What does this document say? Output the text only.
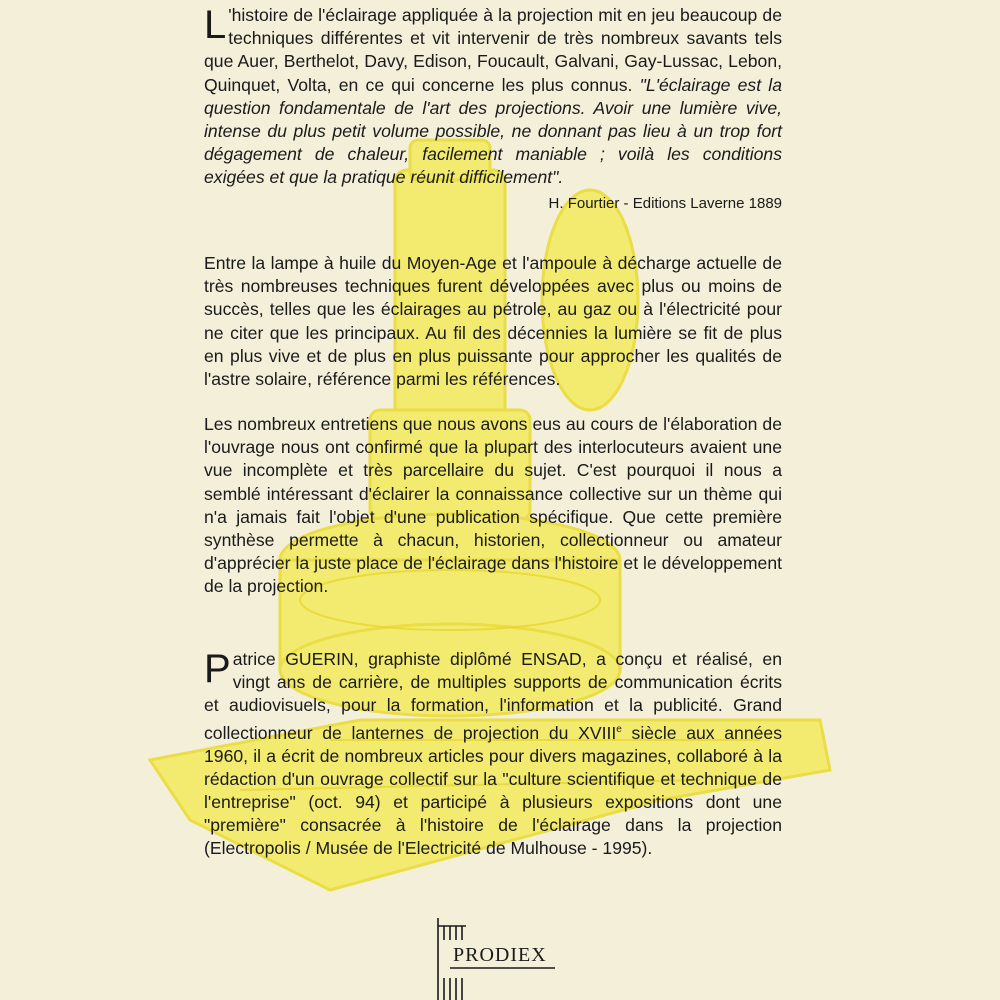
L 'histoire de l'éclairage appliquée à la projection mit en jeu beaucoup de techniques différentes et vit intervenir de très nombreux savants tels que Auer, Berthelot, Davy, Edison, Foucault, Galvani, Gay-Lussac, Lebon, Quinquet, Volta, en ce qui concerne les plus connus. "L'éclairage est la question fondamentale de l'art des projections. Avoir une lumière vive, intense du plus petit volume possible, ne donnant pas lieu à un trop fort dégagement de chaleur, facilement maniable ; voilà les conditions exigées et que la pratique réunit difficilement".
H. Fourtier - Editions Laverne 1889

Entre la lampe à huile du Moyen-Age et l'ampoule à décharge actuelle de très nombreuses techniques furent développées avec plus ou moins de succès, telles que les éclairages au pétrole, au gaz ou à l'électricité pour ne citer que les principaux. Au fil des décennies la lumière se fit de plus en plus vive et de plus en plus puissante pour approcher les qualités de l'astre solaire, référence parmi les références.

Les nombreux entretiens que nous avons eus au cours de l'élaboration de l'ouvrage nous ont confirmé que la plupart des interlocuteurs avaient une vue incomplète et très parcellaire du sujet. C'est pourquoi il nous a semblé intéressant d'éclairer la connaissance collective sur un thème qui n'a jamais fait l'objet d'une publication spécifique. Que cette première synthèse permette à chacun, historien, collectionneur ou amateur d'apprécier la juste place de l'éclairage dans l'histoire et le développement de la projection.

P atrice GUERIN, graphiste diplômé ENSAD, a conçu et réalisé, en vingt ans de carrière, de multiples supports de communication écrits et audiovisuels, pour la formation, l'information et la publicité. Grand collectionneur de lanternes de projection du XVIIIe siècle aux années 1960, il a écrit de nombreux articles pour divers magazines, collaboré à la rédaction d'un ouvrage collectif sur la "culture scientifique et technique de l'entreprise" (oct. 94) et participé à plusieurs expositions dont une "première" consacrée à l'histoire de l'éclairage dans la projection (Electropolis / Musée de l'Electricité de Mulhouse - 1995).
PRODIEX
